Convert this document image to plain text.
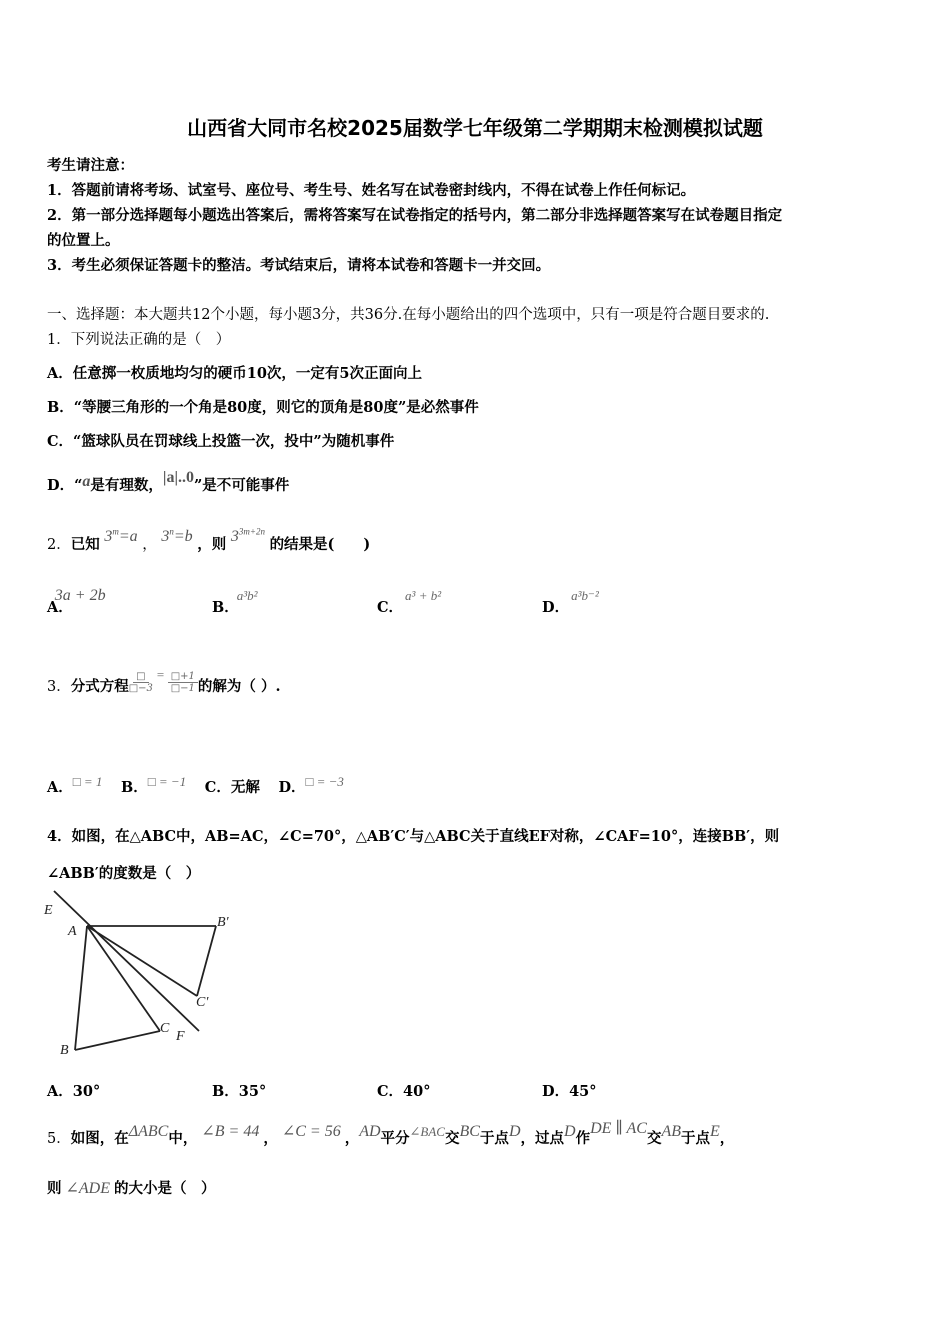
山西省大同市名校2025届数学七年级第二学期期末检测模拟试题
考生请注意：
1．答题前请将考场、试室号、座位号、考生号、姓名写在试卷密封线内，不得在试卷上作任何标记。
2．第一部分选择题每小题选出答案后，需将答案写在试卷指定的括号内，第二部分非选择题答案写在试卷题目指定
的位置上。
3．考生必须保证答题卡的整洁。考试结束后，请将本试卷和答题卡一并交回。
一、选择题：本大题共12个小题，每小题3分，共36分.在每小题给出的四个选项中，只有一项是符合题目要求的.
1．下列说法正确的是（　）
A．任意掷一枚质地均匀的硬币10次，一定有5次正面向上
B．“等腰三角形的一个角是80度，则它的顶角是80度”是必然事件
C．“篮球队员在罚球线上投篮一次，投中”为随机事件
D．“a是有理数，|a|..0”是不可能事件
2．已知 $3^m=a$ ， $3^n=b$ ，则 $3^{3m+2n}$ 的结果是(　　)
A．3a + 2b
B．a³b²
C．a³ + b²
D．a³b⁻²
3．分式方程 $\frac{□}{□-3} = \frac{□+1}{□-1}$ 的解为（ ）.
A．□ = 1 B．□ = −1 C．无解 D．□ = −3
4．如图，在△ABC中，AB=AC，∠C=70°，△AB′C′与△ABC关于直线EF对称，∠CAF=10°，连接BB′，则
∠ABB′的度数是（　）
E
A
B
C
B′
C′
F
A．30°	B．35°	C．40°	D．45°
5．如图，在ΔABC中， ∠B = 44 ， ∠C = 56 ，AD平分∠BAC交BC于点D，过点D作DE ∥ AC交AB于点E，
则 ∠ADE 的大小是（　）
